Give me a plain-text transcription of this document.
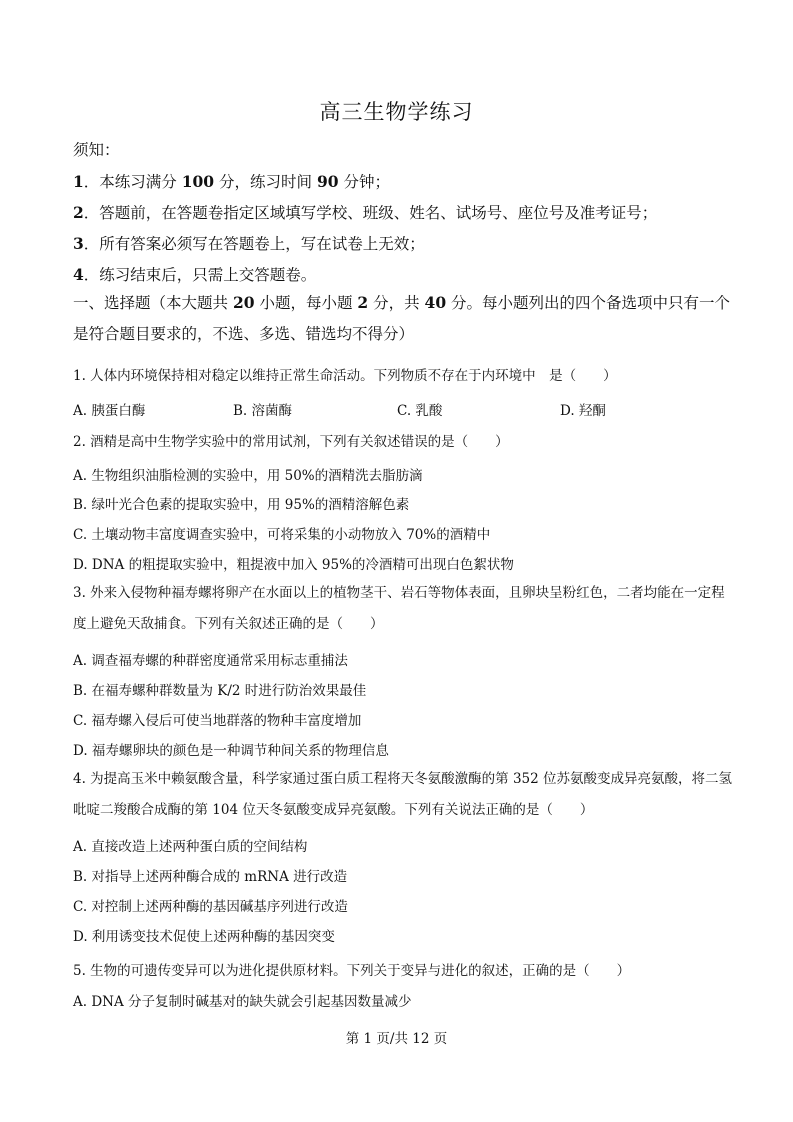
高三生物学练习
须知：
1．本练习满分 100 分，练习时间 90 分钟；
2．答题前，在答题卷指定区域填写学校、班级、姓名、试场号、座位号及准考证号；
3．所有答案必须写在答题卷上，写在试卷上无效；
4．练习结束后，只需上交答题卷。
一、选择题（本大题共 20 小题，每小题 2 分，共 40 分。每小题列出的四个备选项中只有一个是符合题目要求的，不选、多选、错选均不得分）
1. 人体内环境保持相对稳定以维持正常生命活动。下列物质不存在于内环境中　是（　　）
A. 胰蛋白酶	B. 溶菌酶	C. 乳酸	D. 羟酮
2. 酒精是高中生物学实验中的常用试剂，下列有关叙述错误的是（　　）
A. 生物组织油脂检测的实验中，用 50%的酒精洗去脂肪滴
B. 绿叶光合色素的提取实验中，用 95%的酒精溶解色素
C. 土壤动物丰富度调查实验中，可将采集的小动物放入 70%的酒精中
D. DNA 的粗提取实验中，粗提液中加入 95%的冷酒精可出现白色絮状物
3. 外来入侵物种福寿螺将卵产在水面以上的植物茎干、岩石等物体表面，且卵块呈粉红色，二者均能在一定程度上避免天敌捕食。下列有关叙述正确的是（　　）
A. 调查福寿螺的种群密度通常采用标志重捕法
B. 在福寿螺种群数量为 K/2 时进行防治效果最佳
C. 福寿螺入侵后可使当地群落的物种丰富度增加
D. 福寿螺卵块的颜色是一种调节种间关系的物理信息
4. 为提高玉米中赖氨酸含量，科学家通过蛋白质工程将天冬氨酸激酶的第 352 位苏氨酸变成异亮氨酸，将二氢吡啶二羧酸合成酶的第 104 位天冬氨酸变成异亮氨酸。下列有关说法正确的是（　　）
A. 直接改造上述两种蛋白质的空间结构
B. 对指导上述两种酶合成的 mRNA 进行改造
C. 对控制上述两种酶的基因碱基序列进行改造
D. 利用诱变技术促使上述两种酶的基因突变
5. 生物的可遗传变异可以为进化提供原材料。下列关于变异与进化的叙述，正确的是（　　）
A. DNA 分子复制时碱基对的缺失就会引起基因数量减少
第 1 页/共 12 页
